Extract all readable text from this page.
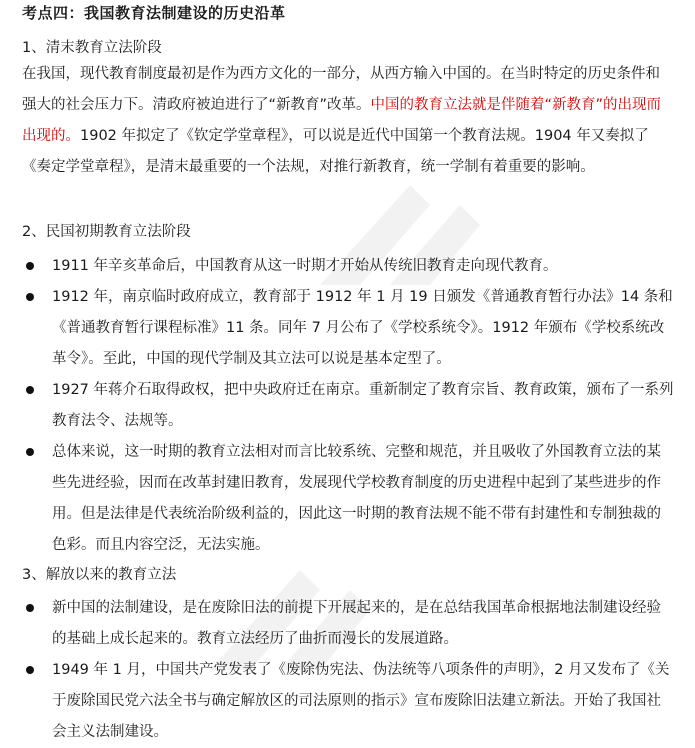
考点四：我国教育法制建设的历史沿革
1、清末教育立法阶段
在我国，现代教育制度最初是作为西方文化的一部分，从西方输入中国的。在当时特定的历史条件和强大的社会压力下。清政府被迫进行了“新教育”改革。中国的教育立法就是伴随着“新教育”的出现而出现的。1902 年拟定了《钦定学堂章程》，可以说是近代中国第一个教育法规。1904 年又奏拟了《奏定学堂章程》，是清末最重要的一个法规，对推行新教育，统一学制有着重要的影响。
2、民国初期教育立法阶段
1911 年辛亥革命后，中国教育从这一时期才开始从传统旧教育走向现代教育。
1912 年，南京临时政府成立，教育部于 1912 年 1 月 19 日颁发《普通教育暂行办法》14 条和《普通教育暂行课程标准》11 条。同年 7 月公布了《学校系统令》。1912 年颁布《学校系统改革令》。至此，中国的现代学制及其立法可以说是基本定型了。
1927 年蒋介石取得政权，把中央政府迁在南京。重新制定了教育宗旨、教育政策，颁布了一系列教育法令、法规等。
总体来说，这一时期的教育立法相对而言比较系统、完整和规范，并且吸收了外国教育立法的某些先进经验，因而在改革封建旧教育，发展现代学校教育制度的历史进程中起到了某些进步的作用。但是法律是代表统治阶级利益的，因此这一时期的教育法规不能不带有封建性和专制独裁的色彩。而且内容空泛，无法实施。
3、解放以来的教育立法
新中国的法制建设，是在废除旧法的前提下开展起来的，是在总结我国革命根据地法制建设经验的基础上成长起来的。教育立法经历了曲折而漫长的发展道路。
1949 年 1 月，中国共产党发表了《废除伪宪法、伪法统等八项条件的声明》，2 月又发布了《关于废除国民党六法全书与确定解放区的司法原则的指示》宣布废除旧法建立新法。开始了我国社会主义法制建设。
